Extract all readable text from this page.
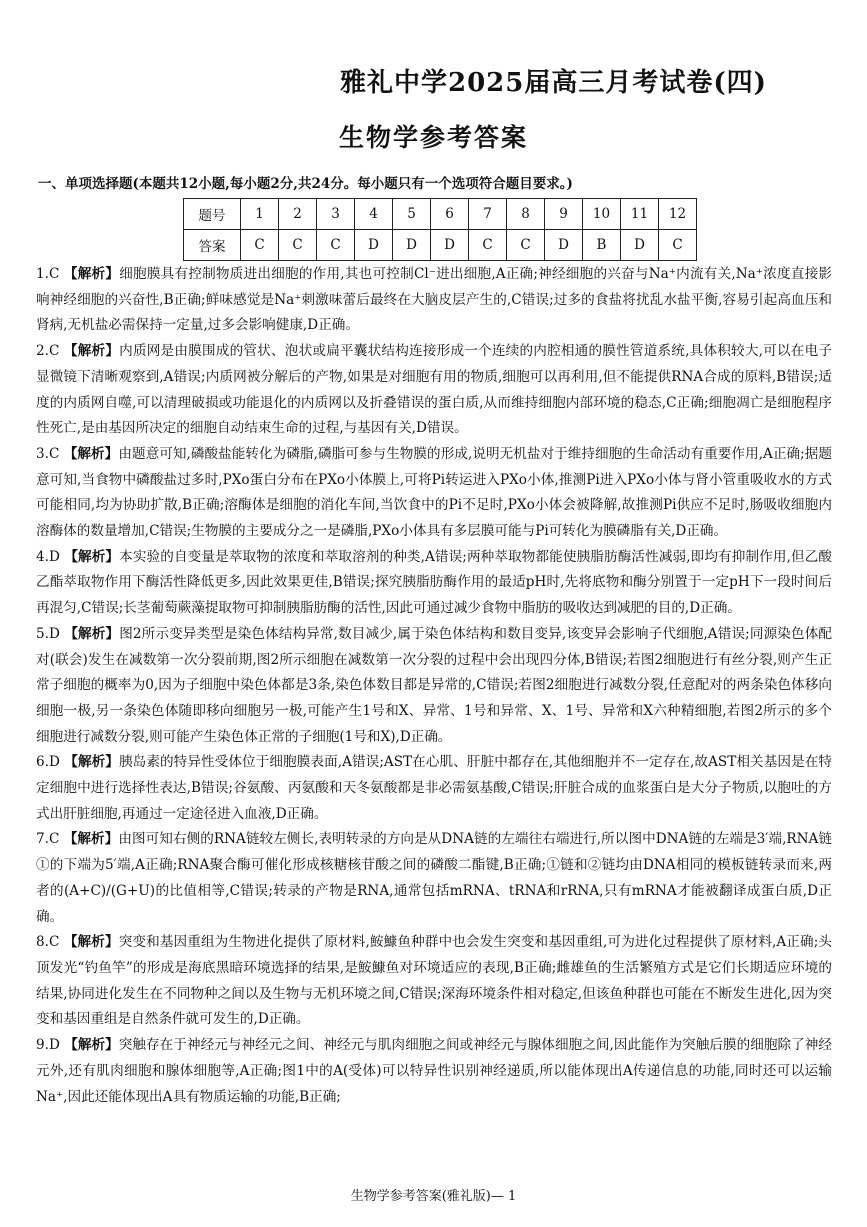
雅礼中学2025届高三月考试卷(四)
生物学参考答案
一、单项选择题(本题共12小题,每小题2分,共24分。每小题只有一个选项符合题目要求。)
题号	1	2	3	4	5	6	7	8	9	10	11	12
答案	C	C	C	D	D	D	C	C	D	B	D	C

1.C 【解析】细胞膜具有控制物质进出细胞的作用,其也可控制Cl⁻进出细胞,A正确;神经细胞的兴奋与Na⁺内流有关,Na⁺浓度直接影响神经细胞的兴奋性,B正确;鲜味感觉是Na⁺刺激味蕾后最终在大脑皮层产生的,C错误;过多的食盐将扰乱水盐平衡,容易引起高血压和肾病,无机盐必需保持一定量,过多会影响健康,D正确。

2.C 【解析】内质网是由膜围成的管状、泡状或扁平囊状结构连接形成一个连续的内腔相通的膜性管道系统,具体积较大,可以在电子显微镜下清晰观察到,A错误;内质网被分解后的产物,如果是对细胞有用的物质,细胞可以再利用,但不能提供RNA合成的原料,B错误;适度的内质网自噬,可以清理破损或功能退化的内质网以及折叠错误的蛋白质,从而维持细胞内部环境的稳态,C正确;细胞凋亡是细胞程序性死亡,是由基因所决定的细胞自动结束生命的过程,与基因有关,D错误。

3.C 【解析】由题意可知,磷酸盐能转化为磷脂,磷脂可参与生物膜的形成,说明无机盐对于维持细胞的生命活动有重要作用,A正确;据题意可知,当食物中磷酸盐过多时,PXo蛋白分布在PXo小体膜上,可将Pi转运进入PXo小体,推测Pi进入PXo小体与肾小管重吸收水的方式可能相同,均为协助扩散,B正确;溶酶体是细胞的消化车间,当饮食中的Pi不足时,PXo小体会被降解,故推测Pi供应不足时,肠吸收细胞内溶酶体的数量增加,C错误;生物膜的主要成分之一是磷脂,PXo小体具有多层膜可能与Pi可转化为膜磷脂有关,D正确。

4.D 【解析】本实验的自变量是萃取物的浓度和萃取溶剂的种类,A错误;两种萃取物都能使胰脂肪酶活性减弱,即均有抑制作用,但乙酸乙酯萃取物作用下酶活性降低更多,因此效果更佳,B错误;探究胰脂肪酶作用的最适pH时,先将底物和酶分别置于一定pH下一段时间后再混匀,C错误;长茎葡萄蕨藻提取物可抑制胰脂肪酶的活性,因此可通过减少食物中脂肪的吸收达到减肥的目的,D正确。

5.D 【解析】图2所示变异类型是染色体结构异常,数目减少,属于染色体结构和数目变异,该变异会影响子代细胞,A错误;同源染色体配对(联会)发生在减数第一次分裂前期,图2所示细胞在减数第一次分裂的过程中会出现四分体,B错误;若图2细胞进行有丝分裂,则产生正常子细胞的概率为0,因为子细胞中染色体都是3条,染色体数目都是异常的,C错误;若图2细胞进行减数分裂,任意配对的两条染色体移向细胞一极,另一条染色体随即移向细胞另一极,可能产生1号和X、异常、1号和异常、X、1号、异常和X六种精细胞,若图2所示的多个细胞进行减数分裂,则可能产生染色体正常的子细胞(1号和X),D正确。

6.D 【解析】胰岛素的特异性受体位于细胞膜表面,A错误;AST在心肌、肝脏中都存在,其他细胞并不一定存在,故AST相关基因是在特定细胞中进行选择性表达,B错误;谷氨酸、丙氨酸和天冬氨酸都是非必需氨基酸,C错误;肝脏合成的血浆蛋白是大分子物质,以胞吐的方式出肝脏细胞,再通过一定途径进入血液,D正确。

7.C 【解析】由图可知右侧的RNA链较左侧长,表明转录的方向是从DNA链的左端往右端进行,所以图中DNA链的左端是3′端,RNA链①的下端为5′端,A正确;RNA聚合酶可催化形成核糖核苷酸之间的磷酸二酯键,B正确;①链和②链均由DNA相同的模板链转录而来,两者的(A+C)/(G+U)的比值相等,C错误;转录的产物是RNA,通常包括mRNA、tRNA和rRNA,只有mRNA才能被翻译成蛋白质,D正确。

8.C 【解析】突变和基因重组为生物进化提供了原材料,鮟鱇鱼种群中也会发生突变和基因重组,可为进化过程提供了原材料,A正确;头顶发光“钓鱼竿”的形成是海底黑暗环境选择的结果,是鮟鱇鱼对环境适应的表现,B正确;雌雄鱼的生活繁殖方式是它们长期适应环境的结果,协同进化发生在不同物种之间以及生物与无机环境之间,C错误;深海环境条件相对稳定,但该鱼种群也可能在不断发生进化,因为突变和基因重组是自然条件就可发生的,D正确。

9.D 【解析】突触存在于神经元与神经元之间、神经元与肌肉细胞之间或神经元与腺体细胞之间,因此能作为突触后膜的细胞除了神经元外,还有肌肉细胞和腺体细胞等,A正确;图1中的A(受体)可以特异性识别神经递质,所以能体现出A传递信息的功能,同时还可以运输Na⁺,因此还能体现出A具有物质运输的功能,B正确;

生物学参考答案(雅礼版)— 1
